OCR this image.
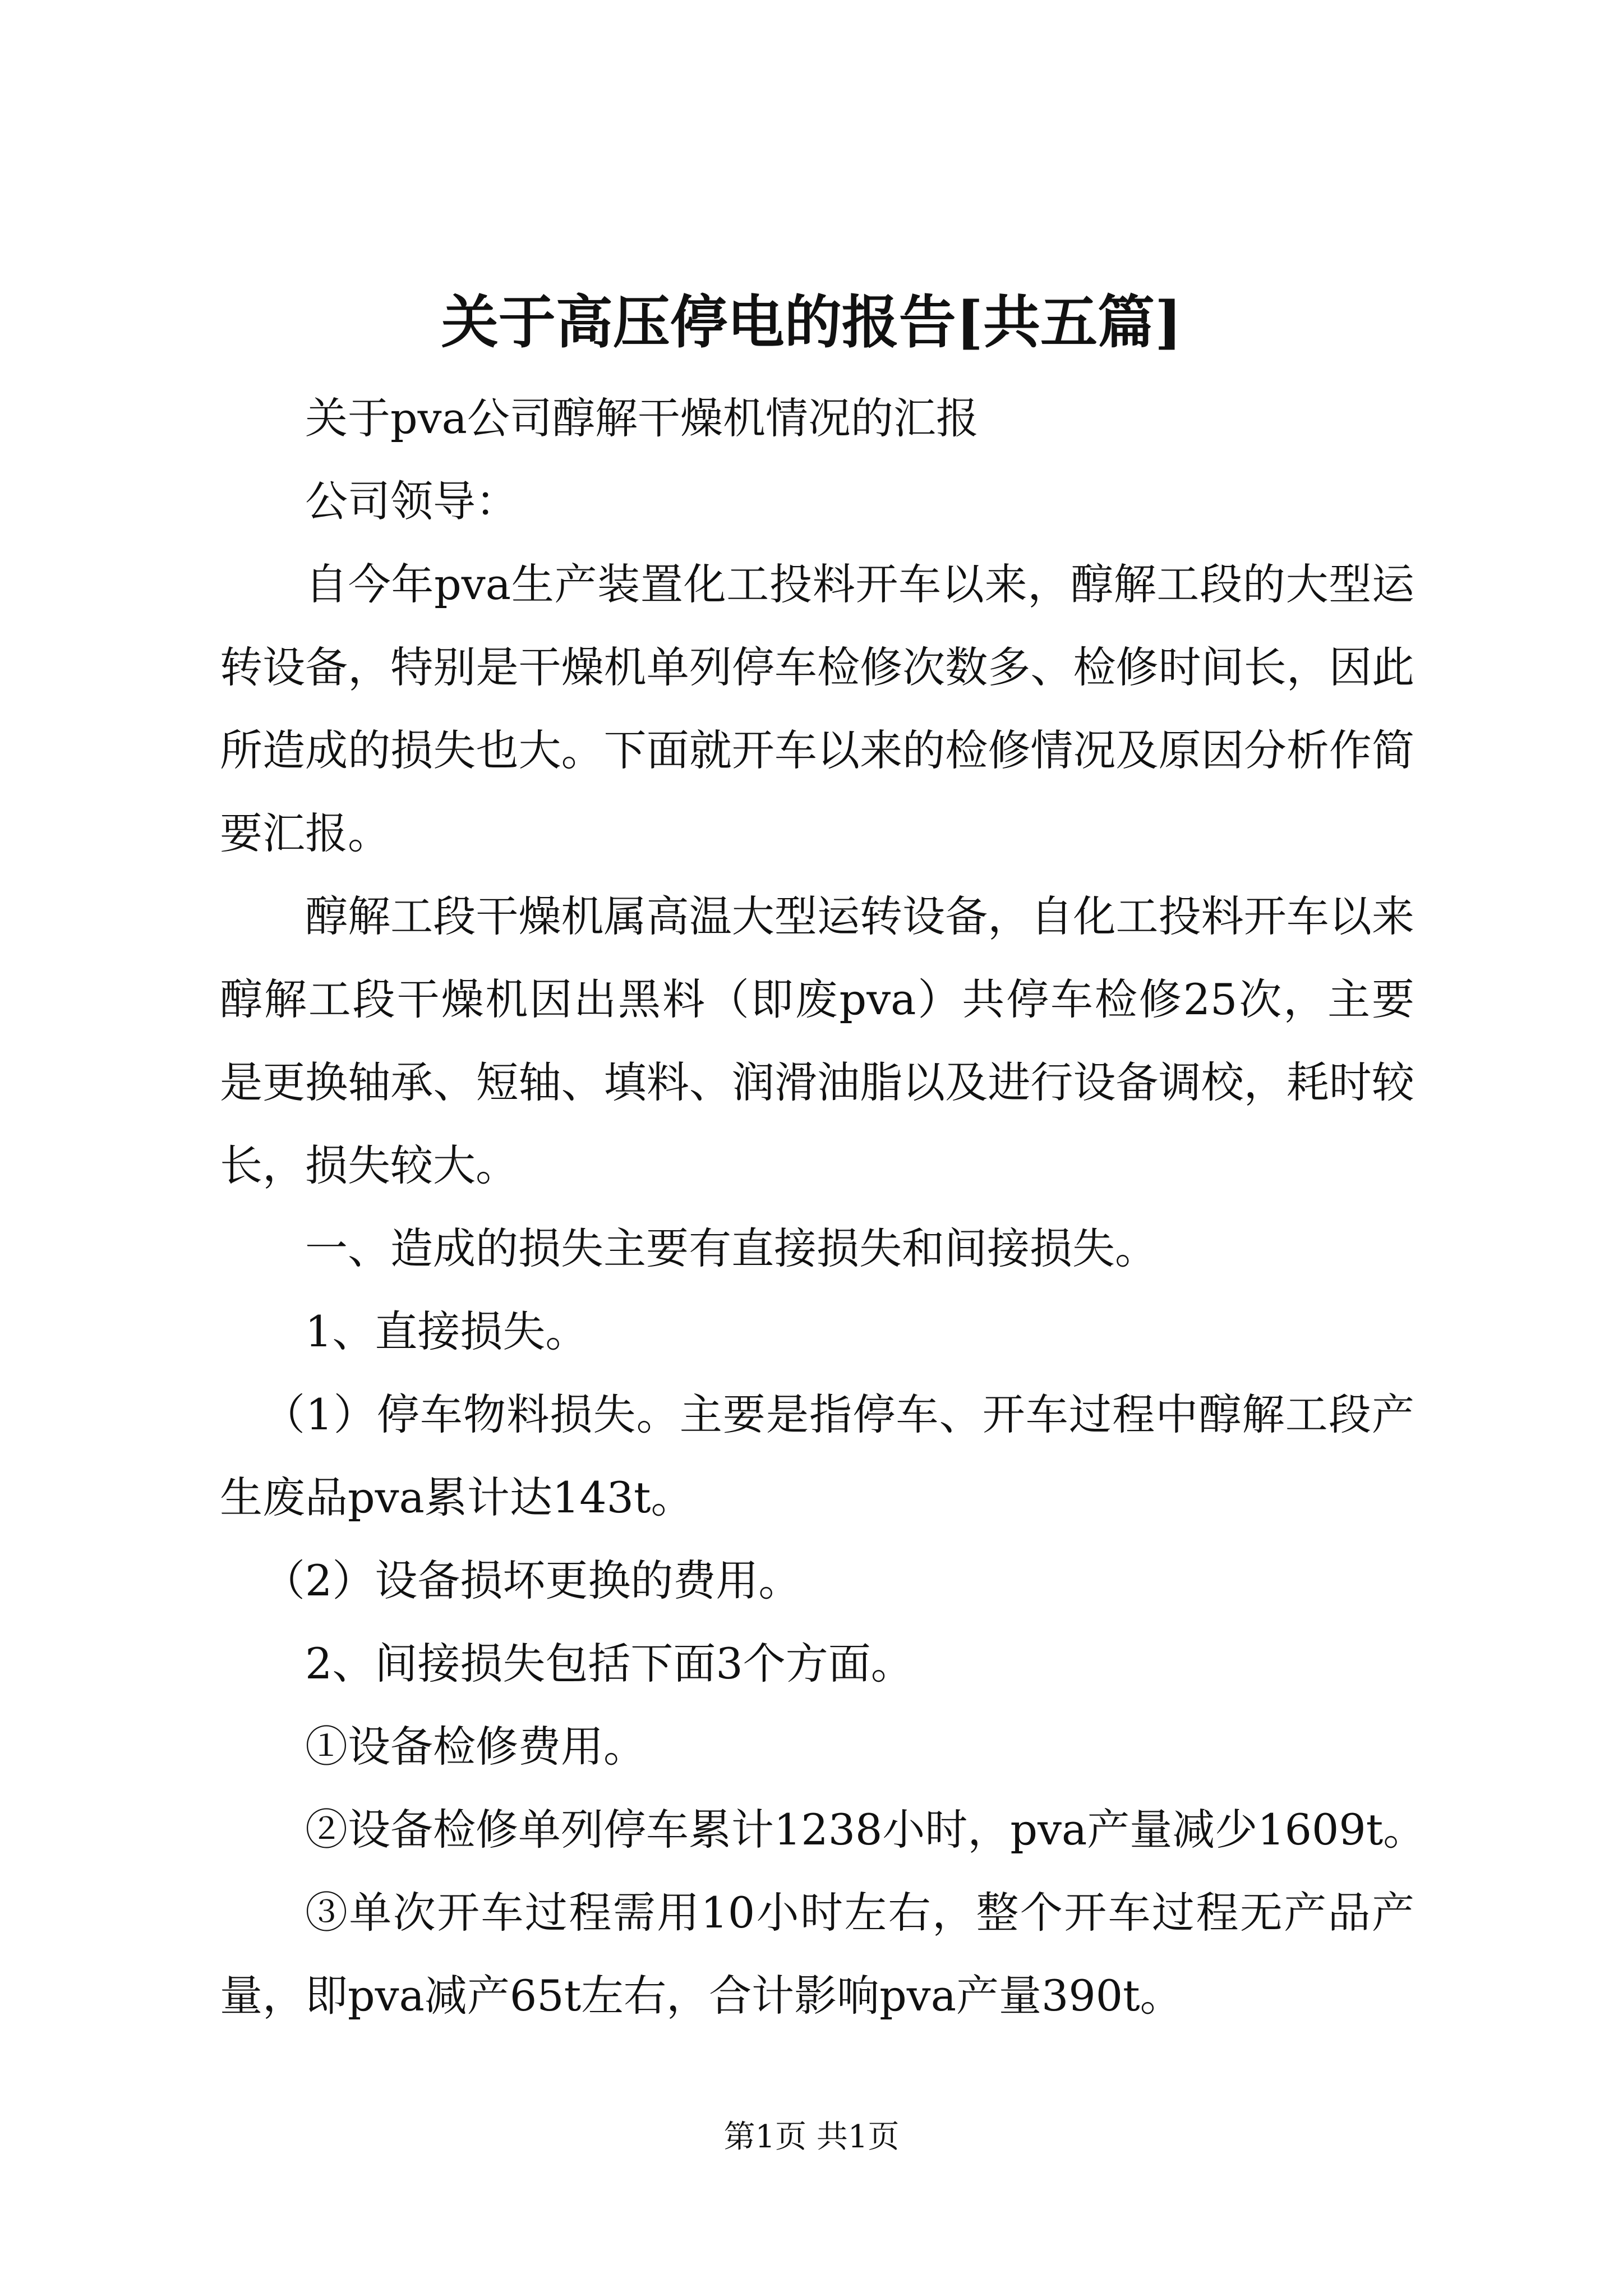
关于高压停电的报告[共五篇]

关于pva公司醇解干燥机情况的汇报

公司领导：

自今年pva生产装置化工投料开车以来，醇解工段的大型运转设备，特别是干燥机单列停车检修次数多、检修时间长，因此所造成的损失也大。下面就开车以来的检修情况及原因分析作简要汇报。

醇解工段干燥机属高温大型运转设备，自化工投料开车以来醇解工段干燥机因出黑料（即废pva）共停车检修25次，主要是更换轴承、短轴、填料、润滑油脂以及进行设备调校，耗时较长，损失较大。

一、造成的损失主要有直接损失和间接损失。

1、直接损失。

（1）停车物料损失。主要是指停车、开车过程中醇解工段产生废品pva累计达143t。

（2）设备损坏更换的费用。

2、间接损失包括下面3个方面。

①设备检修费用。

②设备检修单列停车累计1238小时，pva产量减少1609t。

③单次开车过程需用10小时左右，整个开车过程无产品产量，即pva减产65t左右，合计影响pva产量390t。

第1页 共1页
